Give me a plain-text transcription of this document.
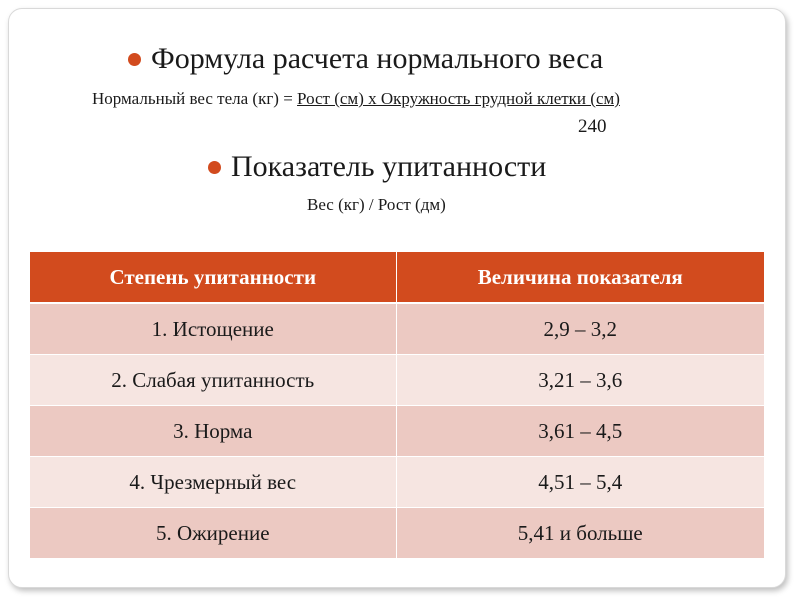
Формула расчета нормального веса
Нормальный вес тела (кг) = Рост (см) х Окружность грудной клетки (см)
240
Показатель упитанности
Вес (кг) / Рост (дм)
Степень упитанности	Величина показателя
1. Истощение	2,9 – 3,2
2. Слабая упитанность	3,21 – 3,6
3. Норма	3,61 – 4,5
4. Чрезмерный вес	4,51 – 5,4
5. Ожирение	5,41 и больше
